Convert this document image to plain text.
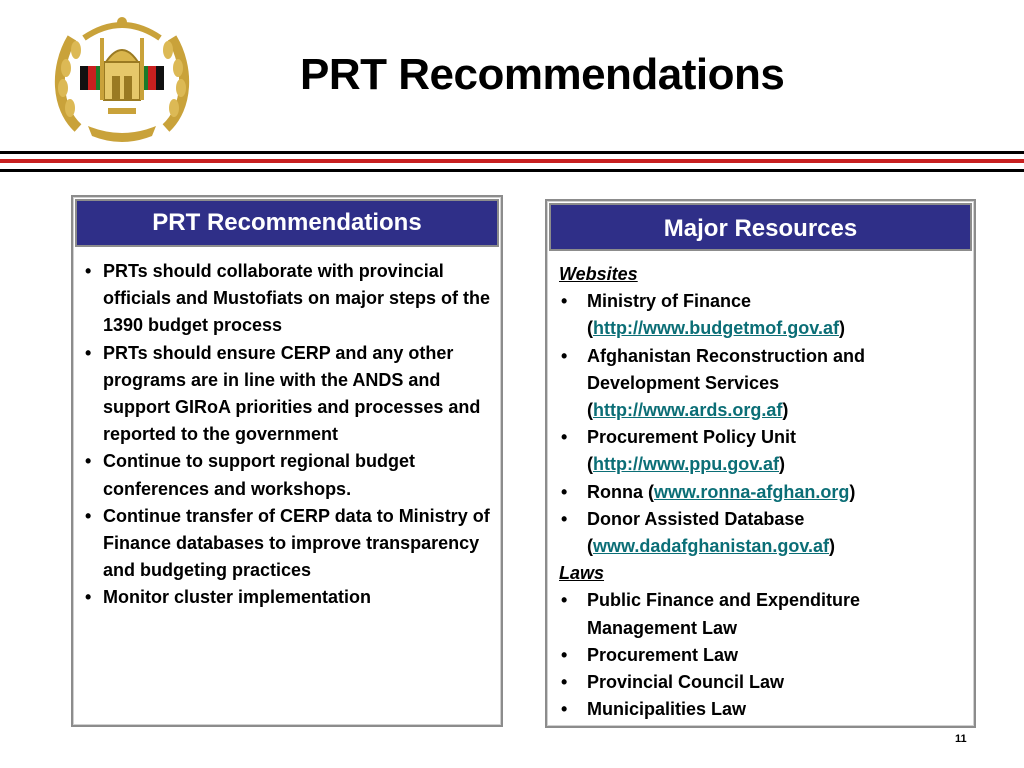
PRT Recommendations
PRT Recommendations
• PRTs should collaborate with provincial officials and Mustofiats on major steps of the 1390 budget process
• PRTs should ensure CERP and any other programs are in line with the ANDS and support GIRoA priorities and processes and reported to the government
• Continue to support regional budget conferences and workshops.
• Continue transfer of CERP data to Ministry of Finance databases to improve transparency and budgeting practices
• Monitor cluster implementation
Major Resources
Websites
• Ministry of Finance
(http://www.budgetmof.gov.af)
• Afghanistan Reconstruction and Development Services
(http://www.ards.org.af)
• Procurement Policy Unit
(http://www.ppu.gov.af)
• Ronna (www.ronna-afghan.org)
• Donor Assisted Database
(www.dadafghanistan.gov.af)
Laws
• Public Finance and Expenditure Management Law
• Procurement Law
• Provincial Council Law
• Municipalities Law
11
